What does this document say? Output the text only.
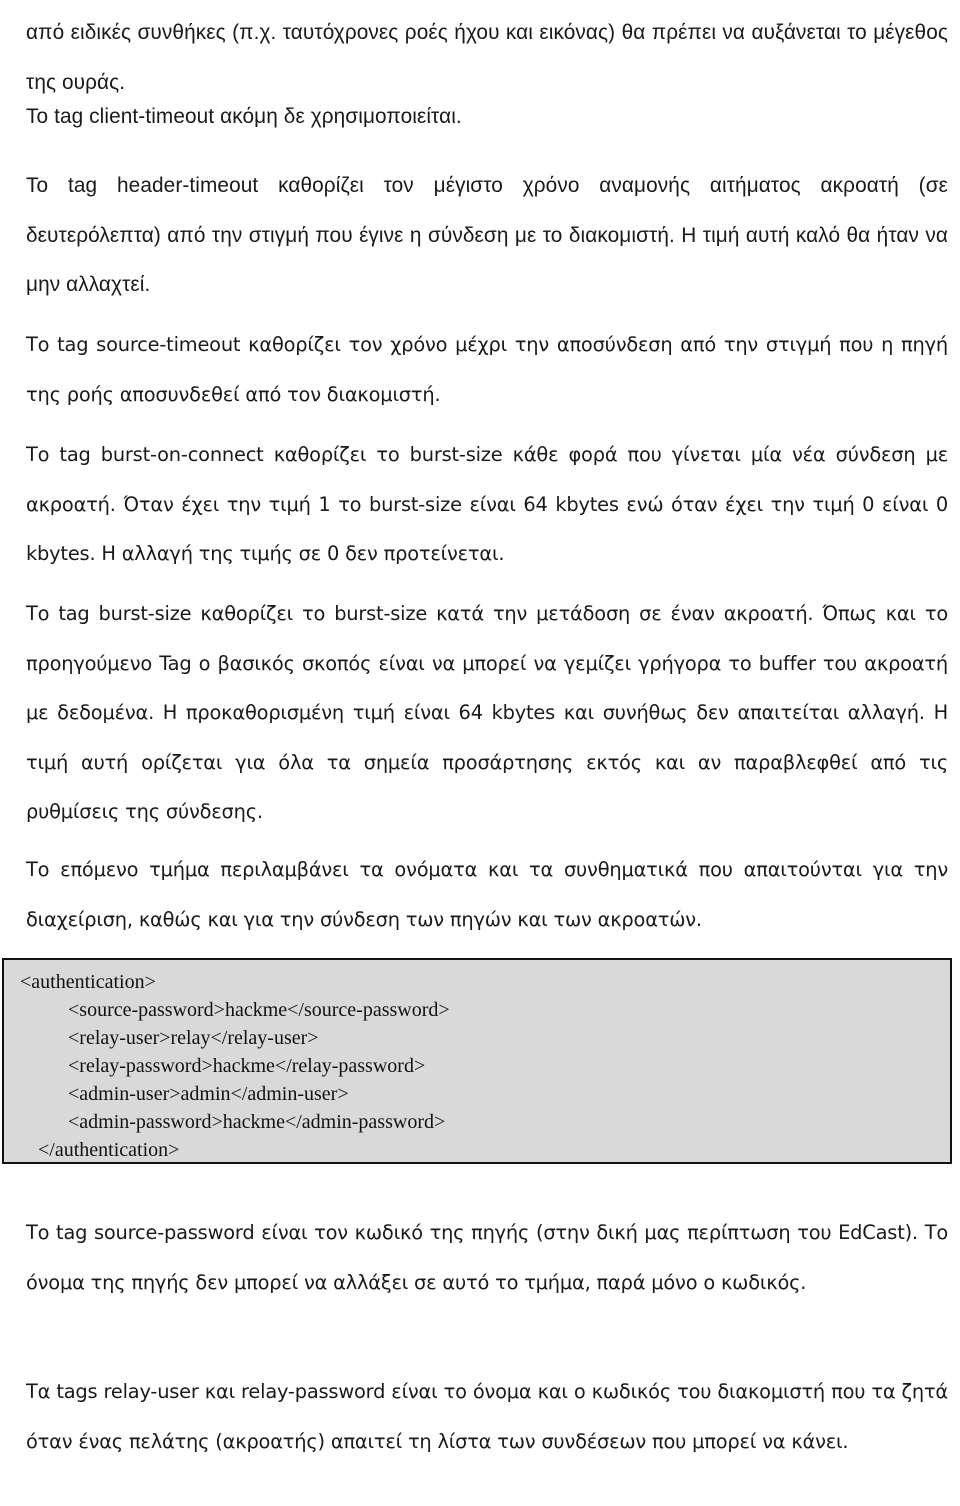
από ειδικές συνθήκες (π.χ. ταυτόχρονες ροές ήχου και εικόνας) θα πρέπει να αυξάνεται το μέγεθος της ουράς.

Το tag client-timeout ακόμη δε χρησιμοποιείται.

Το tag header-timeout καθορίζει τον μέγιστο χρόνο αναμονής αιτήματος ακροατή (σε δευτερόλεπτα) από την στιγμή που έγινε η σύνδεση με το διακομιστή. Η τιμή αυτή καλό θα ήταν να μην αλλαχτεί.

Το tag source-timeout καθορίζει τον χρόνο μέχρι την αποσύνδεση από την στιγμή που η πηγή της ροής αποσυνδεθεί από τον διακομιστή.

Το tag burst-on-connect καθορίζει το burst-size κάθε φορά που γίνεται μία νέα σύνδεση με ακροατή. Όταν έχει την τιμή 1 το burst-size είναι 64 kbytes ενώ όταν έχει την τιμή 0 είναι 0 kbytes. Η αλλαγή της τιμής σε 0 δεν προτείνεται.

Το tag burst-size καθορίζει το burst-size κατά την μετάδοση σε έναν ακροατή. Όπως και το προηγούμενο Tag ο βασικός σκοπός είναι να μπορεί να γεμίζει γρήγορα το buffer του ακροατή με δεδομένα. Η προκαθορισμένη τιμή είναι 64 kbytes και συνήθως δεν απαιτείται αλλαγή. Η τιμή αυτή ορίζεται για όλα τα σημεία προσάρτησης εκτός και αν παραβλεφθεί από τις ρυθμίσεις της σύνδεσης.

Το επόμενο τμήμα περιλαμβάνει τα ονόματα και τα συνθηματικά που απαιτούνται για την διαχείριση, καθώς και για την σύνδεση των πηγών και των ακροατών.

<authentication>

<source-password>hackme</source-password>

<relay-user>relay</relay-user>

<relay-password>hackme</relay-password>

<admin-user>admin</admin-user>

<admin-password>hackme</admin-password>

</authentication>

Το tag source-password είναι τον κωδικό της πηγής (στην δική μας περίπτωση του EdCast). Το όνομα της πηγής δεν μπορεί να αλλάξει σε αυτό το τμήμα, παρά μόνο ο κωδικός.

Τα tags relay-user και relay-password είναι το όνομα και ο κωδικός του διακομιστή που τα ζητά όταν ένας πελάτης (ακροατής) απαιτεί τη λίστα των συνδέσεων που μπορεί να κάνει.
